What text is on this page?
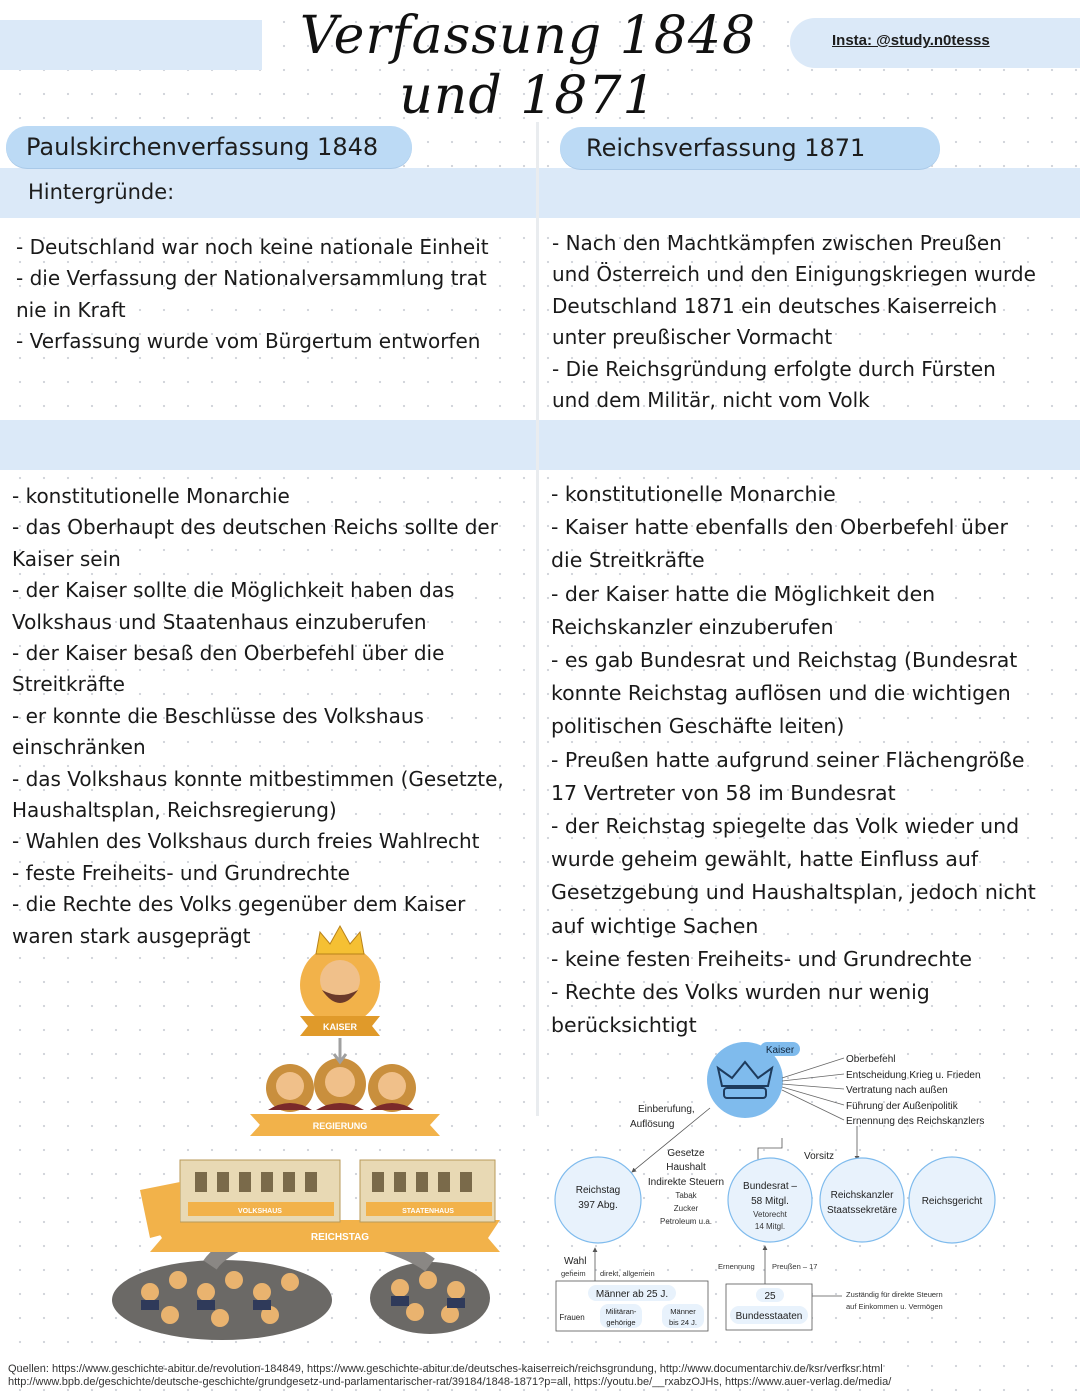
Verfassung 1848 und 1871
Insta: @study.n0tesss
Paulskirchenverfassung 1848	Reichsverfassung 1871
Hintergründe:

- Deutschland war noch keine nationale Einheit
- die Verfassung der Nationalversammlung trat
nie in Kraft
- Verfassung wurde vom Bürgertum entworfen

- Nach den Machtkämpfen zwischen Preußen
und Österreich und den Einigungskriegen wurde
Deutschland 1871 ein deutsches Kaiserreich
unter preußischer Vormacht
- Die Reichsgründung erfolgte durch Fürsten
und dem Militär, nicht vom Volk

- konstitutionelle Monarchie
- das Oberhaupt des deutschen Reichs sollte der
Kaiser sein
- der Kaiser sollte die Möglichkeit haben das
Volkshaus und Staatenhaus einzuberufen
- der Kaiser besaß den Oberbefehl über die
Streitkräfte
- er konnte die Beschlüsse des Volkshaus
einschränken
- das Volkshaus konnte mitbestimmen (Gesetzte,
Haushaltsplan, Reichsregierung)
- Wahlen des Volkshaus durch freies Wahlrecht
- feste Freiheits- und Grundrechte
- die Rechte des Volks gegenüber dem Kaiser
waren stark ausgeprägt

- konstitutionelle Monarchie
- Kaiser hatte ebenfalls den Oberbefehl über
die Streitkräfte
- der Kaiser hatte die Möglichkeit den
Reichskanzler einzuberufen
- es gab Bundesrat und Reichstag (Bundesrat
konnte Reichstag auflösen und die wichtigen
politischen Geschäfte leiten)
- Preußen hatte aufgrund seiner Flächengröße
17 Vertreter von 58 im Bundesrat
- der Reichstag spiegelte das Volk wieder und
wurde geheim gewählt, hatte Einfluss auf
Gesetzgebung und Haushaltsplan, jedoch nicht
auf wichtige Sachen
- keine festen Freiheits- und Grundrechte
- Rechte des Volks wurden nur wenig
berücksichtigt

REICHSTAG
VOLKSHAUS	STAATENHAUS
REGIERUNG
KAISER
Kaiser
Oberbefehl
Entscheidung Krieg u. Frieden
Vertratung nach außen
Führung der Außenpolitik
Ernennung des Reichskanzlers
Einberufung,
Auflösung
Vorsitz
Gesetze
Haushalt
Indirekte Steuern
Tabak
Zucker
Petroleum u.a.
Reichstag
397 Abg.
Bundesrat –
58 Mitgl.
Vetorecht
14 Mitgl.
Reichskanzler
Staatssekretäre
Reichsgericht
Wahl
geheim direkt, allgemein
Männer ab 25 J.
Frauen
Militäran-
gehörige
Männer
bis 24 J.
Ernennung Preußen – 17
25
Bundesstaaten
Zuständig für direkte Steuern
auf Einkommen u. Vermögen
Quellen: https://www.geschichte-abitur.de/revolution-184849, https://www.geschichte-abitur.de/deutsches-kaiserreich/reichsgrundung, http://www.documentarchiv.de/ksr/verfksr.html
http://www.bpb.de/geschichte/deutsche-geschichte/grundgesetz-und-parlamentarischer-rat/39184/1848-1871?p=all, https://youtu.be/__rxabzOJHs, https://www.auer-verlag.de/media/
